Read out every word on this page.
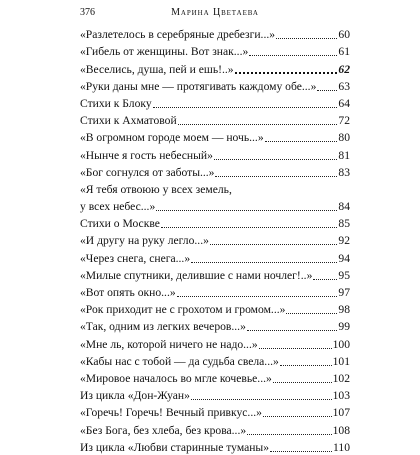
376	Марина Цветаева
«Разлетелось в серебряные дребезги...»	60
«Гибель от женщины. Вот знак...»	61
«Веселись, душа, пей и ешь!..»	62
«Руки даны мне — протягивать каждому обе...» 63
Стихи к Блоку	64
Стихи к Ахматовой	72
«В огромном городе моем — ночь...»	80
«Нынче я гость небесный»	81
«Бог согнулся от заботы...»	83
«Я тебя отвоюю у всех земель,
у всех небес...»	84
Стихи о Москве	85
«И другу на руку легло...»	92
«Через снега, снега...»	94
«Милые спутники, делившие с нами ночлег!..» 95
«Вот опять окно...»	97
«Рок приходит не с грохотом и громом...»	98
«Так, одним из легких вечеров...»	99
«Мне ль, которой ничего не надо...»	100
«Кабы нас с тобой — да судьба свела...»	101
«Мировое началось во мгле кочевье...»	102
Из цикла «Дон-Жуан»	103
«Горечь! Горечь! Вечный привкус...»	107
«Без Бога, без хлеба, без крова...»	108
Из цикла «Любви старинные туманы»	110
